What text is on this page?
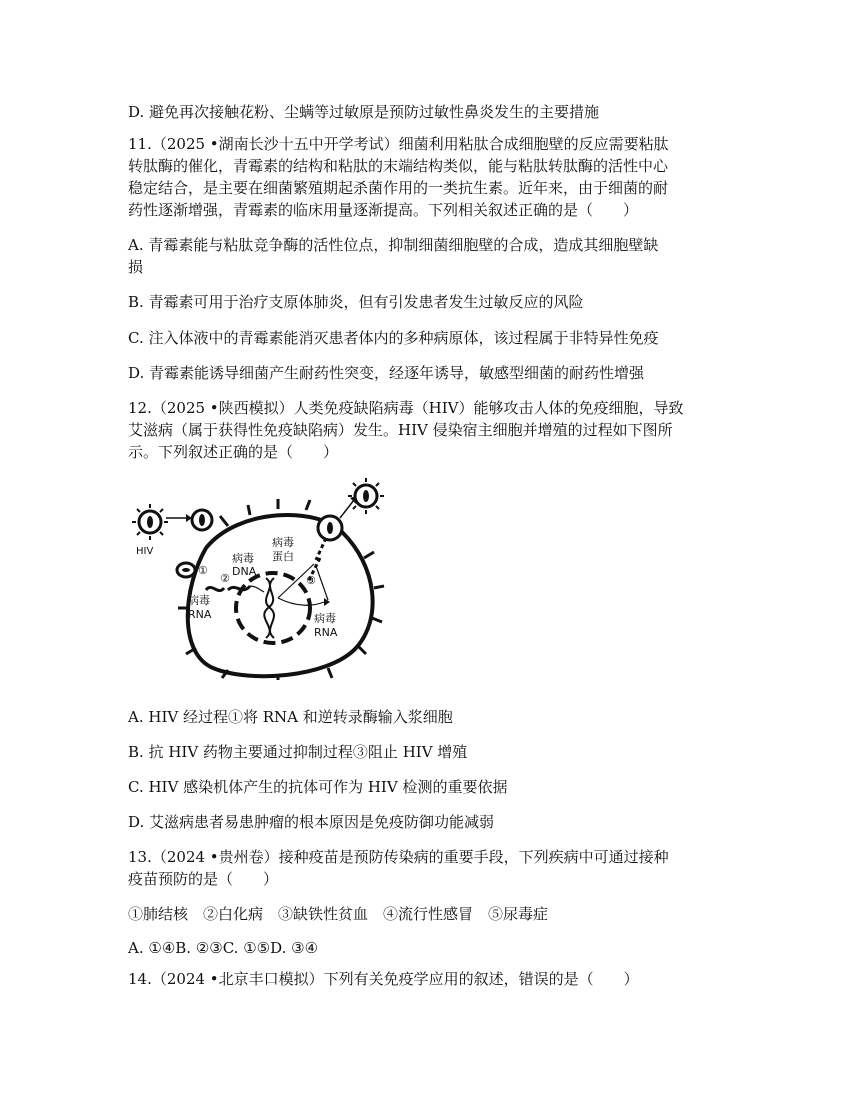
D. 避免再次接触花粉、尘螨等过敏原是预防过敏性鼻炎发生的主要措施
11.（2025 •湖南长沙十五中开学考试）细菌利用粘肽合成细胞壁的反应需要粘肽
转肽酶的催化，青霉素的结构和粘肽的末端结构类似，能与粘肽转肽酶的活性中心
稳定结合，是主要在细菌繁殖期起杀菌作用的一类抗生素。近年来，由于细菌的耐
药性逐渐增强，青霉素的临床用量逐渐提高。下列相关叙述正确的是（　　）
A. 青霉素能与粘肽竞争酶的活性位点，抑制细菌细胞壁的合成，造成其细胞壁缺
损
B. 青霉素可用于治疗支原体肺炎，但有引发患者发生过敏反应的风险
C. 注入体液中的青霉素能消灭患者体内的多种病原体，该过程属于非特异性免疫
D. 青霉素能诱导细菌产生耐药性突变，经逐年诱导，敏感型细菌的耐药性增强
12.（2025 •陕西模拟）人类免疫缺陷病毒（HIV）能够攻击人体的免疫细胞，导致
艾滋病（属于获得性免疫缺陷病）发生。HIV 侵染宿主细胞并增殖的过程如下图所
示。下列叙述正确的是（　　）
HIV
①
②	③
病毒
DNA
病毒
蛋白
病毒
RNA	病毒
RNA
A. HIV 经过程①将 RNA 和逆转录酶输入浆细胞
B. 抗 HIV 药物主要通过抑制过程③阻止 HIV 增殖
C. HIV 感染机体产生的抗体可作为 HIV 检测的重要依据
D. 艾滋病患者易患肿瘤的根本原因是免疫防御功能减弱
13.（2024 •贵州卷）接种疫苗是预防传染病的重要手段，下列疾病中可通过接种
疫苗预防的是（　　）
①肺结核　②白化病　③缺铁性贫血　④流行性感冒　⑤尿毒症
A. ①④B. ②③C. ①⑤D. ③④
14.（2024 •北京丰口模拟）下列有关免疫学应用的叙述，错误的是（　　）
